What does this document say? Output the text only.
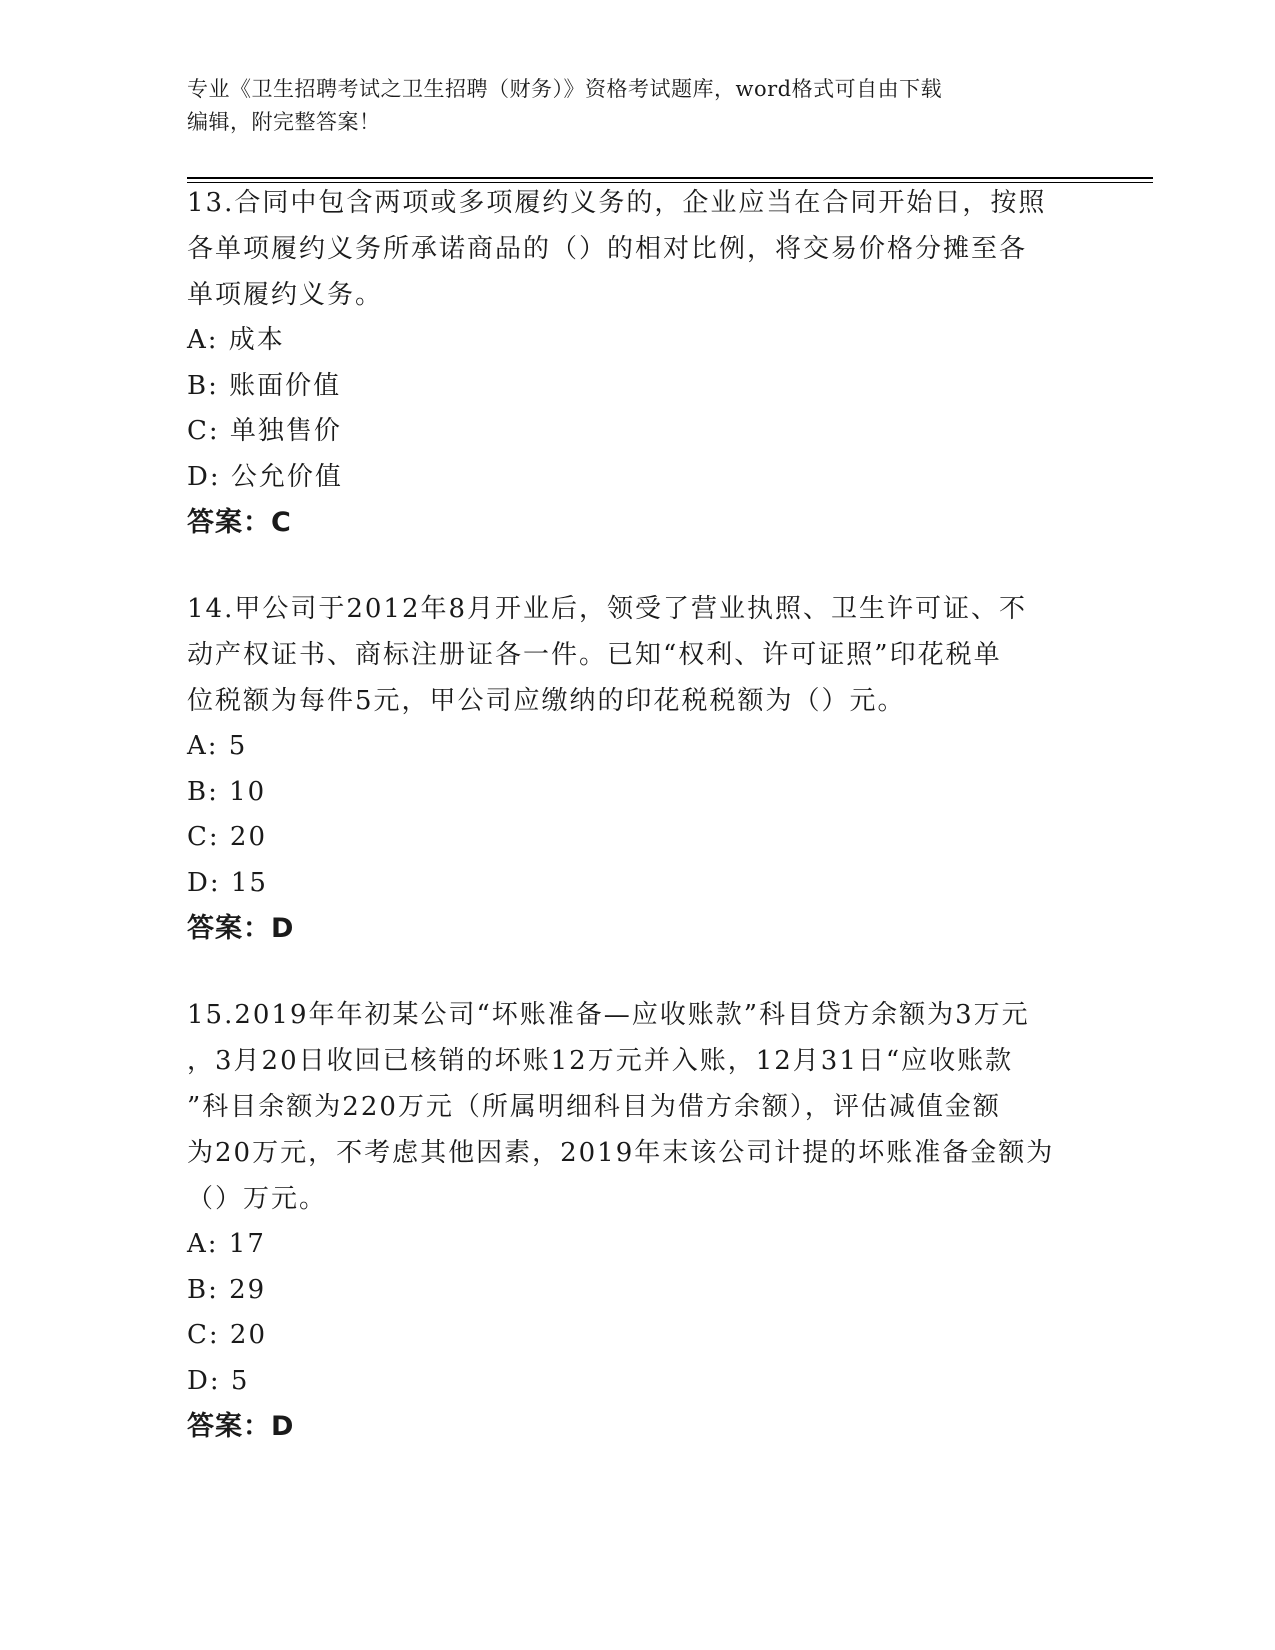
专业《卫生招聘考试之卫生招聘（财务）》资格考试题库，word格式可自由下载
编辑，附完整答案！

13.合同中包含两项或多项履约义务的，企业应当在合同开始日，按照

各单项履约义务所承诺商品的（）的相对比例，将交易价格分摊至各

单项履约义务。

A: 成本

B: 账面价值

C: 单独售价

D: 公允价值

答案：C

14.甲公司于2012年8月开业后，领受了营业执照、卫生许可证、不

动产权证书、商标注册证各一件。已知“权利、许可证照”印花税单

位税额为每件5元，甲公司应缴纳的印花税税额为（）元。

A: 5

B: 10

C: 20

D: 15

答案：D

15.2019年年初某公司“坏账准备—应收账款”科目贷方余额为3万元

，3月20日收回已核销的坏账12万元并入账，12月31日“应收账款

”科目余额为220万元（所属明细科目为借方余额），评估减值金额

为20万元，不考虑其他因素，2019年末该公司计提的坏账准备金额为

（）万元。

A: 17

B: 29

C: 20

D: 5

答案：D
